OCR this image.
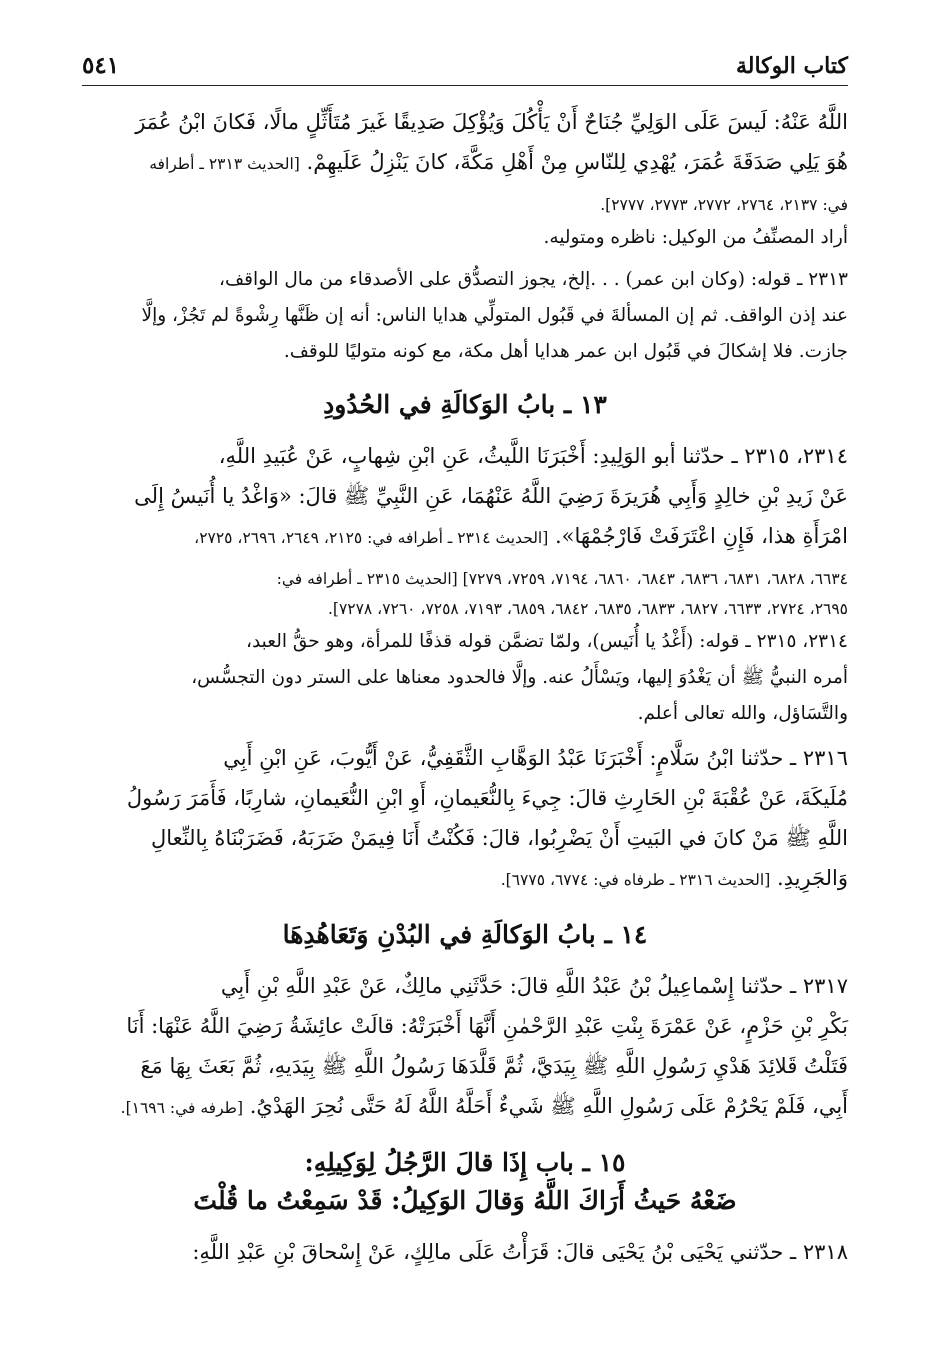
كتاب الوكالة
٥٤١
اللَّهُ عَنْهُ: لَيسَ عَلَى الوَلِيِّ جُنَاحٌ أَنْ يَأْكُلَ وَيُؤْكِلَ صَدِيقًا غَيرَ مُتَأَثِّلٍ مالًا، فَكانَ ابْنُ عُمَرَ
هُوَ يَلِي صَدَقَةَ عُمَرَ، يُهْدِي لِلنّاسِ مِنْ أَهْلِ مَكَّةَ، كانَ يَنْزِلُ عَلَيهِمْ. [الحديث ٢٣١٣ ـ أطرافه
في: ٢١٣٧، ٢٧٦٤، ٢٧٧٢، ٢٧٧٣، ٢٧٧٧].
أراد المصنِّفُ من الوكيل: ناظره ومتوليه.
٢٣١٣ ـ قوله: (وكان ابن عمر) . . .إلخ، يجوز التصدُّق على الأصدقاء من مال الواقف،
عند إذن الواقف. ثم إن المسألةَ في قَبُول المتولِّي هدايا الناس: أنه إن ظَنَّها رِشْوةً لم تَجُزْ، وإلَّا
جازت. فلا إشكالَ في قَبُول ابن عمر هدايا أهل مكة، مع كونه متوليًا للوقف.
١٣ ـ بابُ الوَكالَةِ في الحُدُودِ
٢٣١٤، ٢٣١٥ ـ حدّثنا أبو الوَلِيدِ: أَخْبَرَنَا اللَّيثُ، عَنِ ابْنِ شِهابٍ، عَنْ عُبَيدِ اللَّهِ،
عَنْ زَيدِ بْنِ خالِدٍ وَأَبِي هُرَيرَةَ رَضِيَ اللَّهُ عَنْهُمَا، عَنِ النَّبِيِّ ﷺ قالَ: «وَاغْدُ يا أُنَيسُ إِلَى
امْرَأَةِ هذا، فَإِنِ اعْتَرَفَتْ فَارْجُمْهَا». [الحديث ٢٣١٤ ـ أطرافه في: ٢١٢٥، ٢٦٤٩، ٢٦٩٦، ٢٧٢٥،
٦٦٣٤، ٦٨٢٨، ٦٨٣١، ٦٨٣٦، ٦٨٤٣، ٦٨٦٠، ٧١٩٤، ٧٢٥٩، ٧٢٧٩] [الحديث ٢٣١٥ ـ أطرافه في:
٢٦٩٥، ٢٧٢٤، ٦٦٣٣، ٦٨٢٧، ٦٨٣٣، ٦٨٣٥، ٦٨٤٢، ٦٨٥٩، ٧١٩٣، ٧٢٥٨، ٧٢٦٠، ٧٢٧٨].
٢٣١٤، ٢٣١٥ ـ قوله: (أَغْدُ يا أُنَيس)، ولمّا تضمَّن قوله قذفًا للمرأة، وهو حقُّ العبد،
أمره النبيُّ ﷺ أن يَغْدُوَ إليها، ويَسْأَلُ عنه. وإلَّا فالحدود معناها على الستر دون التجسُّس،
والتَّسَاؤل، والله تعالى أعلم.
٢٣١٦ ـ حدّثنا ابْنُ سَلَّامٍ: أَخْبَرَنَا عَبْدُ الوَهَّابِ الثَّقَفِيُّ، عَنْ أَيُّوبَ، عَنِ ابْنِ أَبِي
مُلَيكَةَ، عَنْ عُقْبَةَ بْنِ الحَارِثِ قالَ: جِيءَ بِالنُّعَيمانِ، أَوِ ابْنِ النُّعَيمانِ، شارِبًا، فَأَمَرَ رَسُولُ
اللَّهِ ﷺ مَنْ كانَ في البَيتِ أَنْ يَضْرِبُوا، قالَ: فَكُنْتُ أَنَا فِيمَنْ ضَرَبَهُ، فَضَرَبْنَاهُ بِالنِّعالِ
وَالجَرِيدِ. [الحديث ٢٣١٦ ـ طرفاه في: ٦٧٧٤، ٦٧٧٥].
١٤ ـ بابُ الوَكالَةِ في البُدْنِ وَتَعَاهُدِهَا
٢٣١٧ ـ حدّثنا إِسْماعِيلُ بْنُ عَبْدُ اللَّهِ قالَ: حَدَّثَنِي مالِكٌ، عَنْ عَبْدِ اللَّهِ بْنِ أَبِي
بَكْرِ بْنِ حَزْمٍ، عَنْ عَمْرَةَ بِنْتِ عَبْدِ الرَّحْمٰنِ أَنَّهَا أَخْبَرَتْهُ: قالَتْ عائِشَةُ رَضِيَ اللَّهُ عَنْهَا: أَنَا
فَتَلْتُ قَلائِدَ هَدْيِ رَسُولِ اللَّهِ ﷺ بِيَدَيَّ، ثُمَّ قَلَّدَهَا رَسُولُ اللَّهِ ﷺ بِيَدَيهِ، ثُمَّ بَعَثَ بِهَا مَعَ
أَبِي، فَلَمْ يَحْرُمْ عَلَى رَسُولِ اللَّهِ ﷺ شَيءٌ أَحَلَّهُ اللَّهُ لَهُ حَتَّى نُحِرَ الهَدْيُ. [طرفه في: ١٦٩٦].
١٥ ـ باب إِذَا قالَ الرَّجُلُ لِوَكِيلِهِ:
ضَعْهُ حَيثُ أَرَاكَ اللَّهُ وَقالَ الوَكِيلُ: قَدْ سَمِعْتُ ما قُلْتَ
٢٣١٨ ـ حدّثني يَحْيَى بْنُ يَحْيَى قالَ: قَرَأْتُ عَلَى مالِكٍ، عَنْ إِسْحاقَ بْنِ عَبْدِ اللَّهِ:
